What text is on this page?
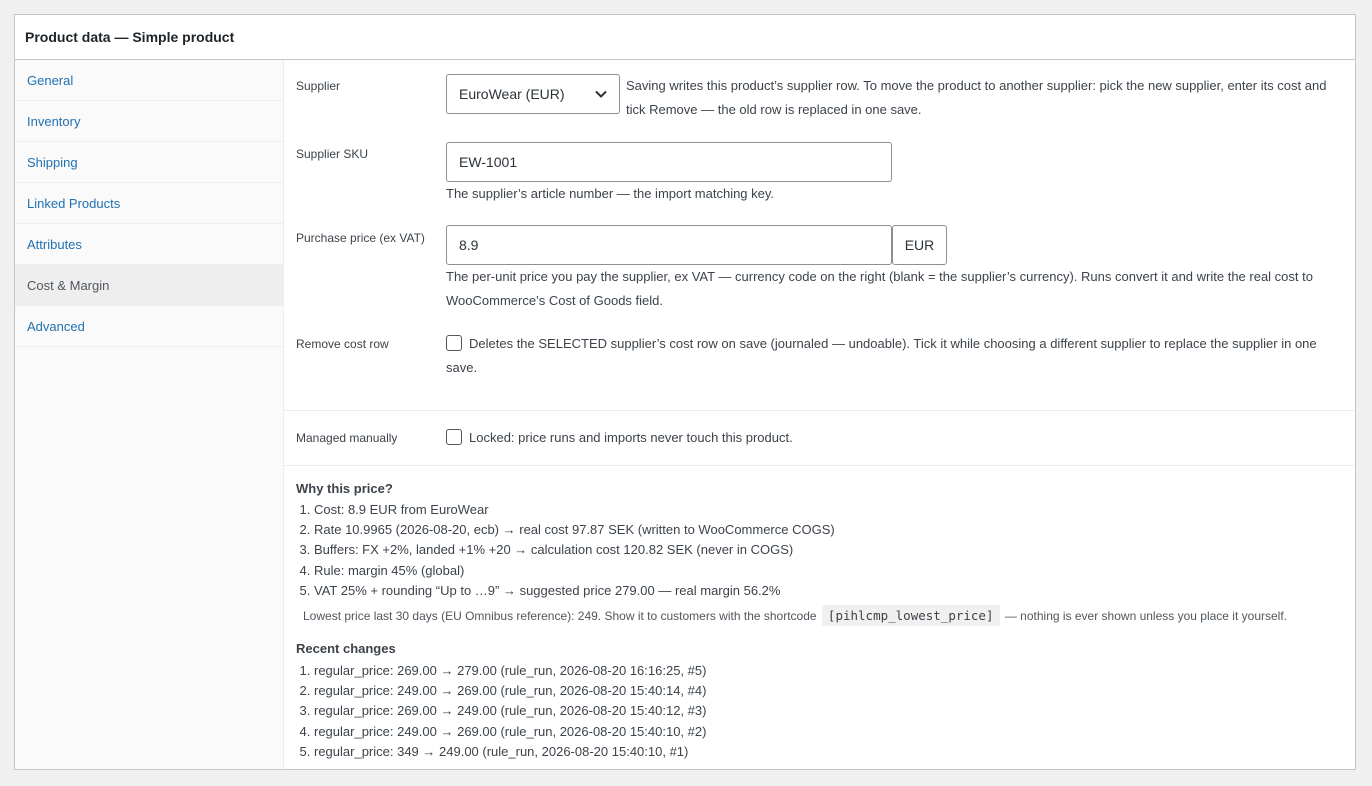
Product data — Simple product
General
Inventory
Shipping
Linked Products
Attributes
Cost & Margin
Advanced
Supplier	EuroWear (EUR)
Saving writes this product’s supplier row. To move the product to another supplier: pick the new supplier, enter its cost and tick Remove — the old row is replaced in one save.
Supplier SKU	EW-1001
The supplier’s article number — the import matching key.
Purchase price (ex VAT)	8.9	EUR
The per-unit price you pay the supplier, ex VAT — currency code on the right (blank = the supplier’s currency). Runs convert it and write the real cost to WooCommerce’s Cost of Goods field.
Remove cost row	Deletes the SELECTED supplier’s cost row on save (journaled — undoable). Tick it while choosing a different supplier to replace the supplier in one save.
Managed manually	Locked: price runs and imports never touch this product.
Why this price?
1. Cost: 8.9 EUR from EuroWear
2. Rate 10.9965 (2026-08-20, ecb) → real cost 97.87 SEK (written to WooCommerce COGS)
3. Buffers: FX +2%, landed +1% +20 → calculation cost 120.82 SEK (never in COGS)
4. Rule: margin 45% (global)
5. VAT 25% + rounding “Up to …9” → suggested price 279.00 — real margin 56.2%
Lowest price last 30 days (EU Omnibus reference): 249. Show it to customers with the shortcode [pihlcmp_lowest_price] — nothing is ever shown unless you place it yourself.
Recent changes
1. regular_price: 269.00 → 279.00 (rule_run, 2026-08-20 16:16:25, #5)
2. regular_price: 249.00 → 269.00 (rule_run, 2026-08-20 15:40:14, #4)
3. regular_price: 269.00 → 249.00 (rule_run, 2026-08-20 15:40:12, #3)
4. regular_price: 249.00 → 269.00 (rule_run, 2026-08-20 15:40:10, #2)
5. regular_price: 349 → 249.00 (rule_run, 2026-08-20 15:40:10, #1)
